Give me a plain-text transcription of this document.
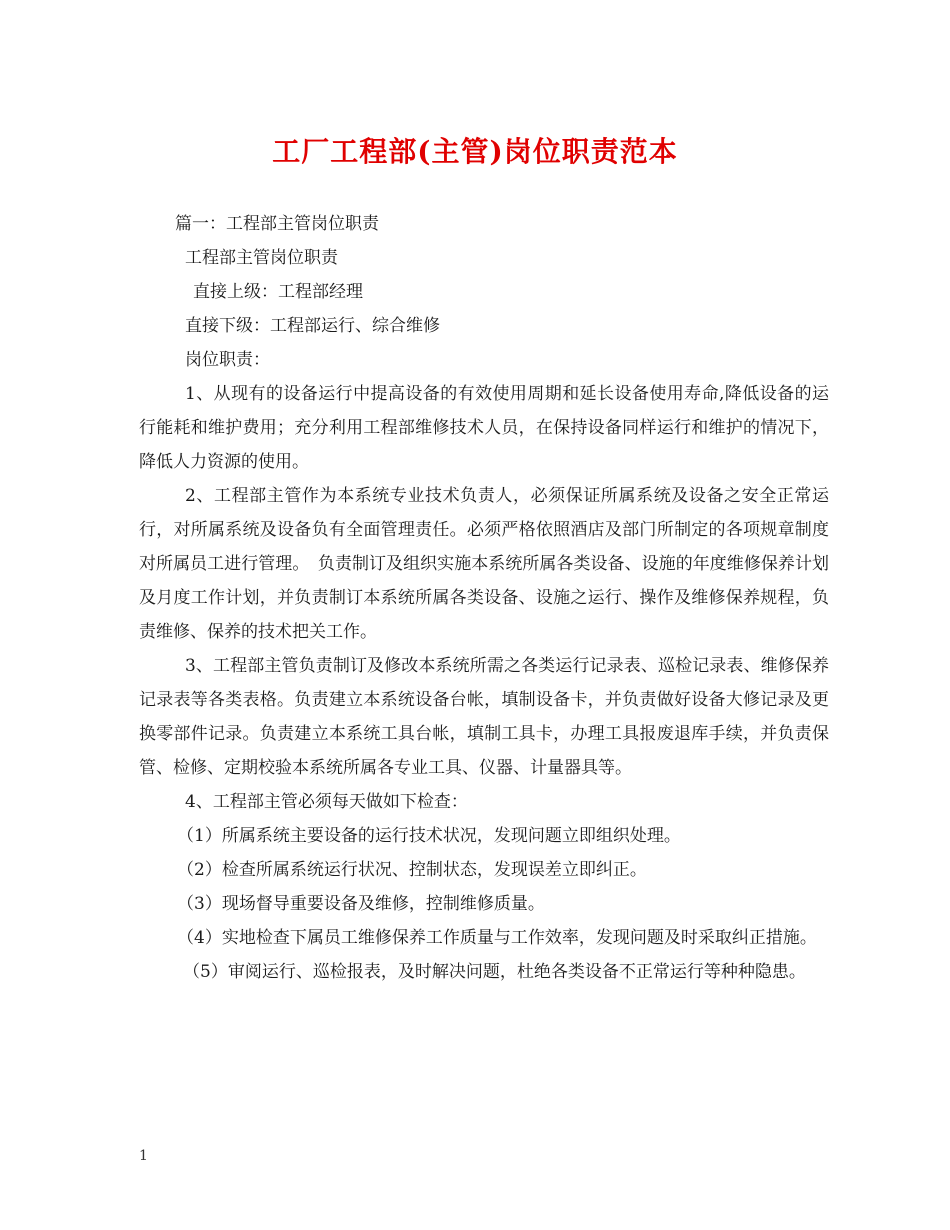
工厂工程部(主管)岗位职责范本

篇一：工程部主管岗位职责

工程部主管岗位职责

直接上级：工程部经理

直接下级：工程部运行、综合维修

岗位职责：

1、从现有的设备运行中提高设备的有效使用周期和延长设备使用寿命,降低设备的运行能耗和维护费用；充分利用工程部维修技术人员，在保持设备同样运行和维护的情况下，降低人力资源的使用。

2、工程部主管作为本系统专业技术负责人，必须保证所属系统及设备之安全正常运行，对所属系统及设备负有全面管理责任。必须严格依照酒店及部门所制定的各项规章制度对所属员工进行管理。　负责制订及组织实施本系统所属各类设备、设施的年度维修保养计划及月度工作计划，并负责制订本系统所属各类设备、设施之运行、操作及维修保养规程，负责维修、保养的技术把关工作。

3、工程部主管负责制订及修改本系统所需之各类运行记录表、巡检记录表、维修保养记录表等各类表格。负责建立本系统设备台帐，填制设备卡，并负责做好设备大修记录及更换零部件记录。负责建立本系统工具台帐，填制工具卡，办理工具报废退库手续，并负责保管、检修、定期校验本系统所属各专业工具、仪器、计量器具等。

4、工程部主管必须每天做如下检查：

（1）所属系统主要设备的运行技术状况，发现问题立即组织处理。

（2）检查所属系统运行状况、控制状态，发现误差立即纠正。

（3）现场督导重要设备及维修，控制维修质量。

（4）实地检查下属员工维修保养工作质量与工作效率，发现问题及时采取纠正措施。

（5）审阅运行、巡检报表，及时解决问题，杜绝各类设备不正常运行等种种隐患。

1
